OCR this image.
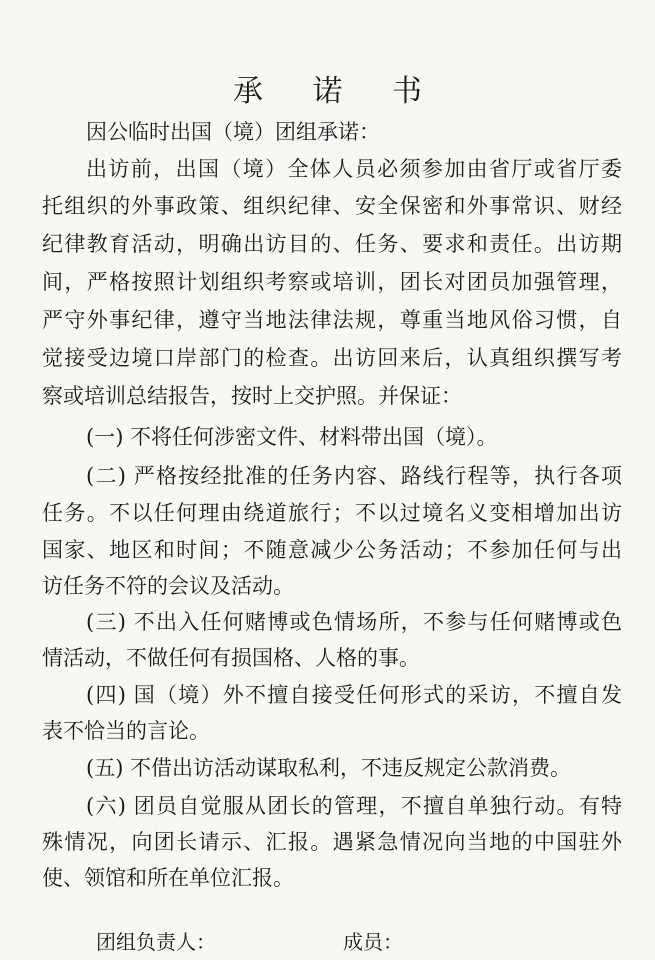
承 诺 书
因公临时出国（境）团组承诺：
出访前，出国（境）全体人员必须参加由省厅或省厅委
托组织的外事政策、组织纪律、安全保密和外事常识、财经
纪律教育活动，明确出访目的、任务、要求和责任。出访期
间，严格按照计划组织考察或培训，团长对团员加强管理，
严守外事纪律，遵守当地法律法规，尊重当地风俗习惯，自
觉接受边境口岸部门的检查。出访回来后，认真组织撰写考
察或培训总结报告，按时上交护照。并保证：
(一) 不将任何涉密文件、材料带出国（境）。
(二) 严格按经批准的任务内容、路线行程等，执行各项
任务。不以任何理由绕道旅行；不以过境名义变相增加出访
国家、地区和时间；不随意减少公务活动；不参加任何与出
访任务不符的会议及活动。
(三) 不出入任何赌博或色情场所，不参与任何赌博或色
情活动，不做任何有损国格、人格的事。
(四) 国（境）外不擅自接受任何形式的采访，不擅自发
表不恰当的言论。
(五) 不借出访活动谋取私利，不违反规定公款消费。
(六) 团员自觉服从团长的管理，不擅自单独行动。有特
殊情况，向团长请示、汇报。遇紧急情况向当地的中国驻外
使、领馆和所在单位汇报。
团组负责人：	成员：
